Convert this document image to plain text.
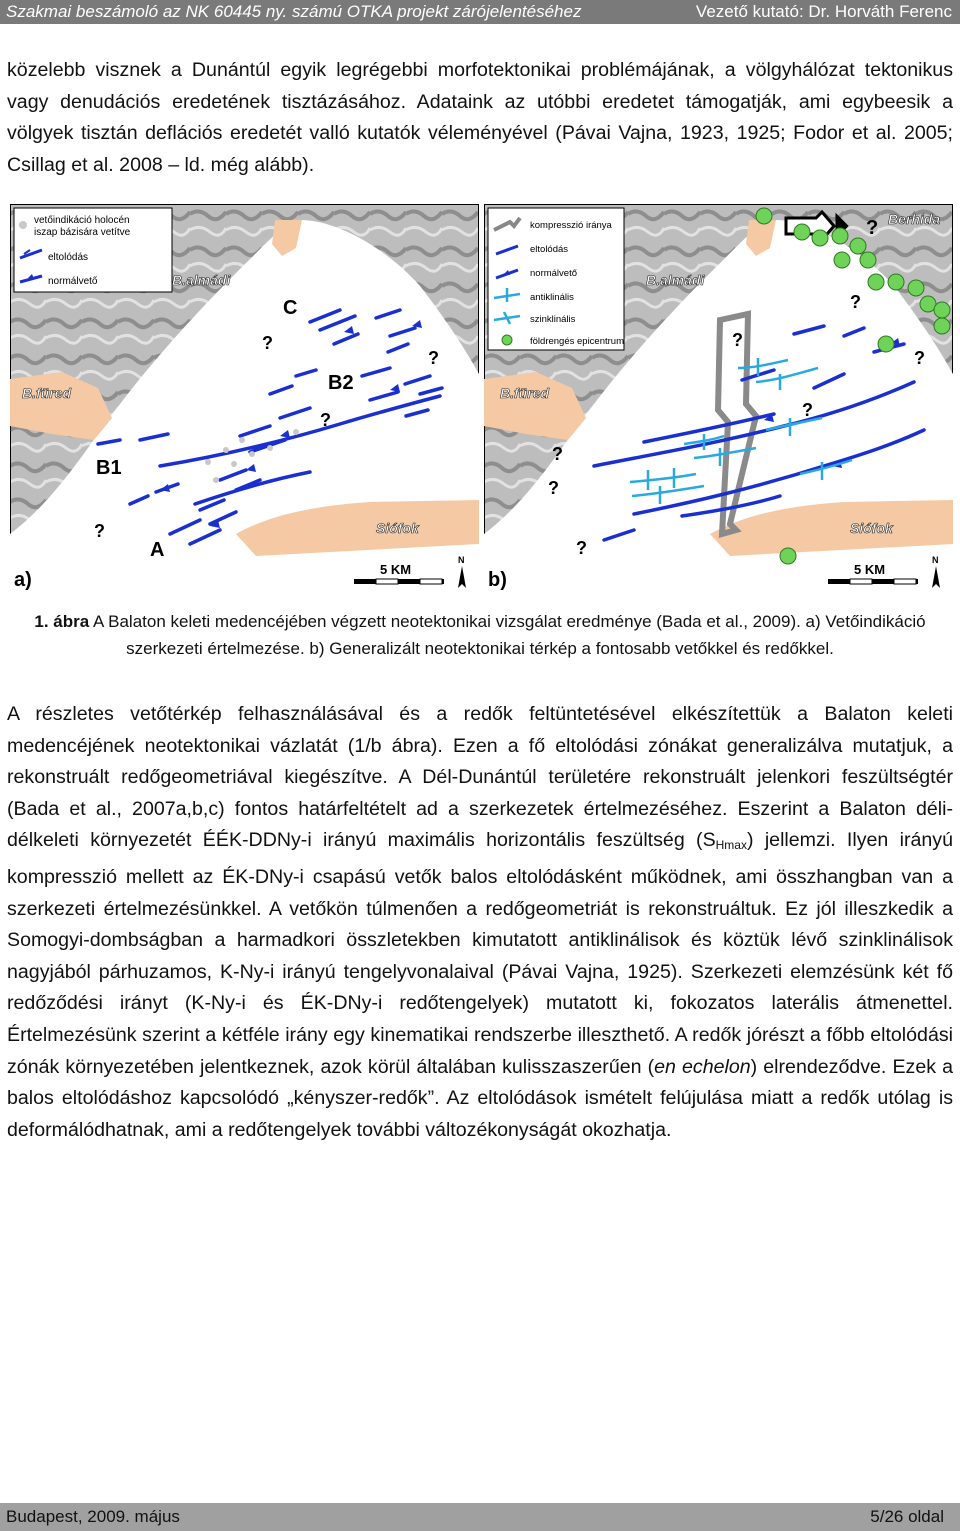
Szakmai beszámoló az NK 60445 ny. számú OTKA projekt zárójelentéséhez	Vezető kutató: Dr. Horváth Ferenc

közelebb visznek a Dunántúl egyik legrégebbi morfotektonikai problémájának, a völgyhálózat tektonikus vagy denudációs eredetének tisztázásához. Adataink az utóbbi eredetet támogatják, ami egybeesik a völgyek tisztán deflációs eredetét valló kutatók véleményével (Pávai Vajna, 1923, 1925; Fodor et al. 2005; Csillag et al. 2008 – ld. még alább).

vetőindikáció holocén
iszap bázisára vetítve
eltolódás
normálvető	B.almádi
B.füred
Siófok
C
B2
B1
A
?
?
?
?
5 KM
N
a)
kompresszió iránya
eltolódás
normálvető
antiklinális
szinklinális
földrengés epicentrum
? Berhida
B.almádi
B.füred
Siófok
?
?
?
?
?
?
?
5 KM
N
b)

1. ábra A Balaton keleti medencéjében végzett neotektonikai vizsgálat eredménye (Bada et al., 2009). a) Vetőindikáció szerkezeti értelmezése. b) Generalizált neotektonikai térkép a fontosabb vetőkkel és redőkkel.

A részletes vetőtérkép felhasználásával és a redők feltüntetésével elkészítettük a Balaton keleti medencéjének neotektonikai vázlatát (1/b ábra). Ezen a fő eltolódási zónákat generalizálva mutatjuk, a rekonstruált redőgeometriával kiegészítve. A Dél-Dunántúl területére rekonstruált jelenkori feszültségtér (Bada et al., 2007a,b,c) fontos határfeltételt ad a szerkezetek értelmezéséhez. Eszerint a Balaton déli-délkeleti környezetét ÉÉK-DDNy-i irányú maximális horizontális feszültség $(S_{Hmax})$ jellemzi. Ilyen irányú kompresszió mellett az ÉK-DNy-i csapású vetők balos eltolódásként működnek, ami összhangban van a szerkezeti értelmezésünkkel. A vetőkön túlmenően a redőgeometriát is rekonstruáltuk. Ez jól illeszkedik a Somogyi-dombságban a harmadkori összletekben kimutatott antiklinálisok és köztük lévő szinklinálisok nagyjából párhuzamos, K-Ny-i irányú tengelyvonalaival (Pávai Vajna, 1925). Szerkezeti elemzésünk két fő redőződési irányt (K-Ny-i és ÉK-DNy-i redőtengelyek) mutatott ki, fokozatos laterális átmenettel. Értelmezésünk szerint a kétféle irány egy kinematikai rendszerbe illeszthető. A redők jórészt a főbb eltolódási zónák környezetében jelentkeznek, azok körül általában kulisszaszerűen (en echelon) elrendeződve. Ezek a balos eltolódáshoz kapcsolódó „kényszer-redők”. Az eltolódások ismételt felújulása miatt a redők utólag is deformálódhatnak, ami a redőtengelyek további változékonyságát okozhatja.

Budapest, 2009. május	5/26 oldal
